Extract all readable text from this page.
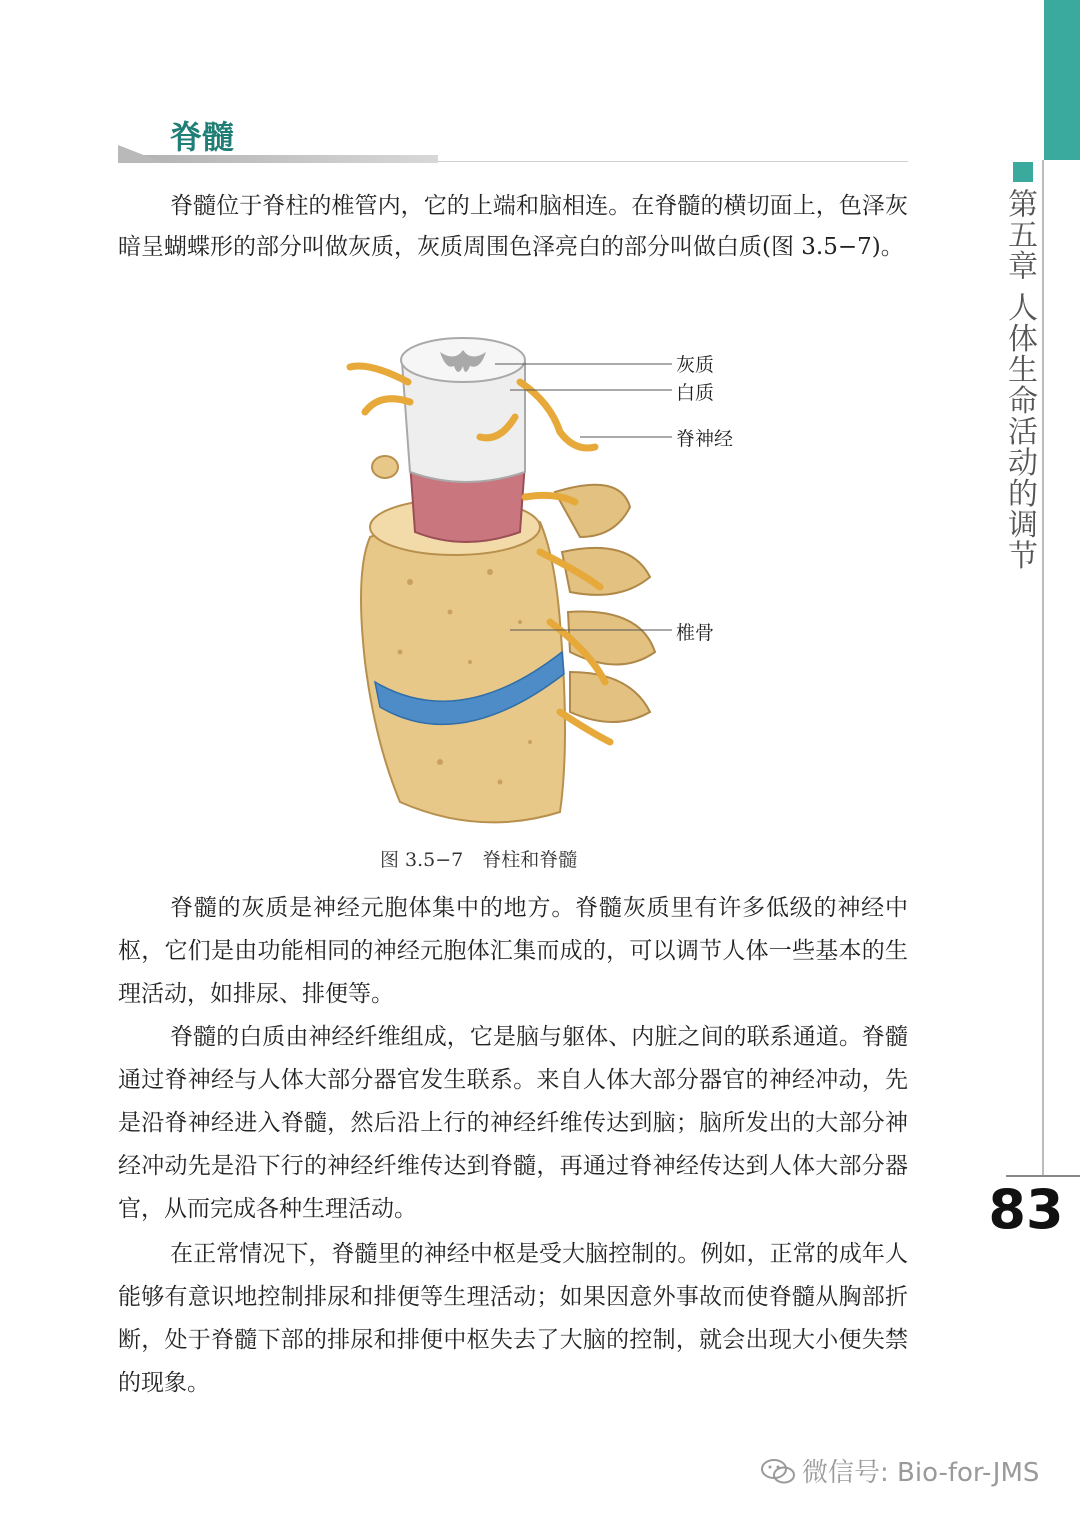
第五章 人体生命活动的调节
83
脊髓

脊髓位于脊柱的椎管内，它的上端和脑相连。在脊髓的横切面上，色泽灰暗呈蝴蝶形的部分叫做灰质，灰质周围色泽亮白的部分叫做白质(图 3.5−7)。

灰质
白质
脊神经
椎骨
图 3.5−7　脊柱和脊髓

脊髓的灰质是神经元胞体集中的地方。脊髓灰质里有许多低级的神经中枢，它们是由功能相同的神经元胞体汇集而成的，可以调节人体一些基本的生理活动，如排尿、排便等。

脊髓的白质由神经纤维组成，它是脑与躯体、内脏之间的联系通道。脊髓通过脊神经与人体大部分器官发生联系。来自人体大部分器官的神经冲动，先是沿脊神经进入脊髓，然后沿上行的神经纤维传达到脑；脑所发出的大部分神经冲动先是沿下行的神经纤维传达到脊髓，再通过脊神经传达到人体大部分器官，从而完成各种生理活动。

在正常情况下，脊髓里的神经中枢是受大脑控制的。例如，正常的成年人能够有意识地控制排尿和排便等生理活动；如果因意外事故而使脊髓从胸部折断，处于脊髓下部的排尿和排便中枢失去了大脑的控制，就会出现大小便失禁的现象。

微信号: Bio-for-JMS
